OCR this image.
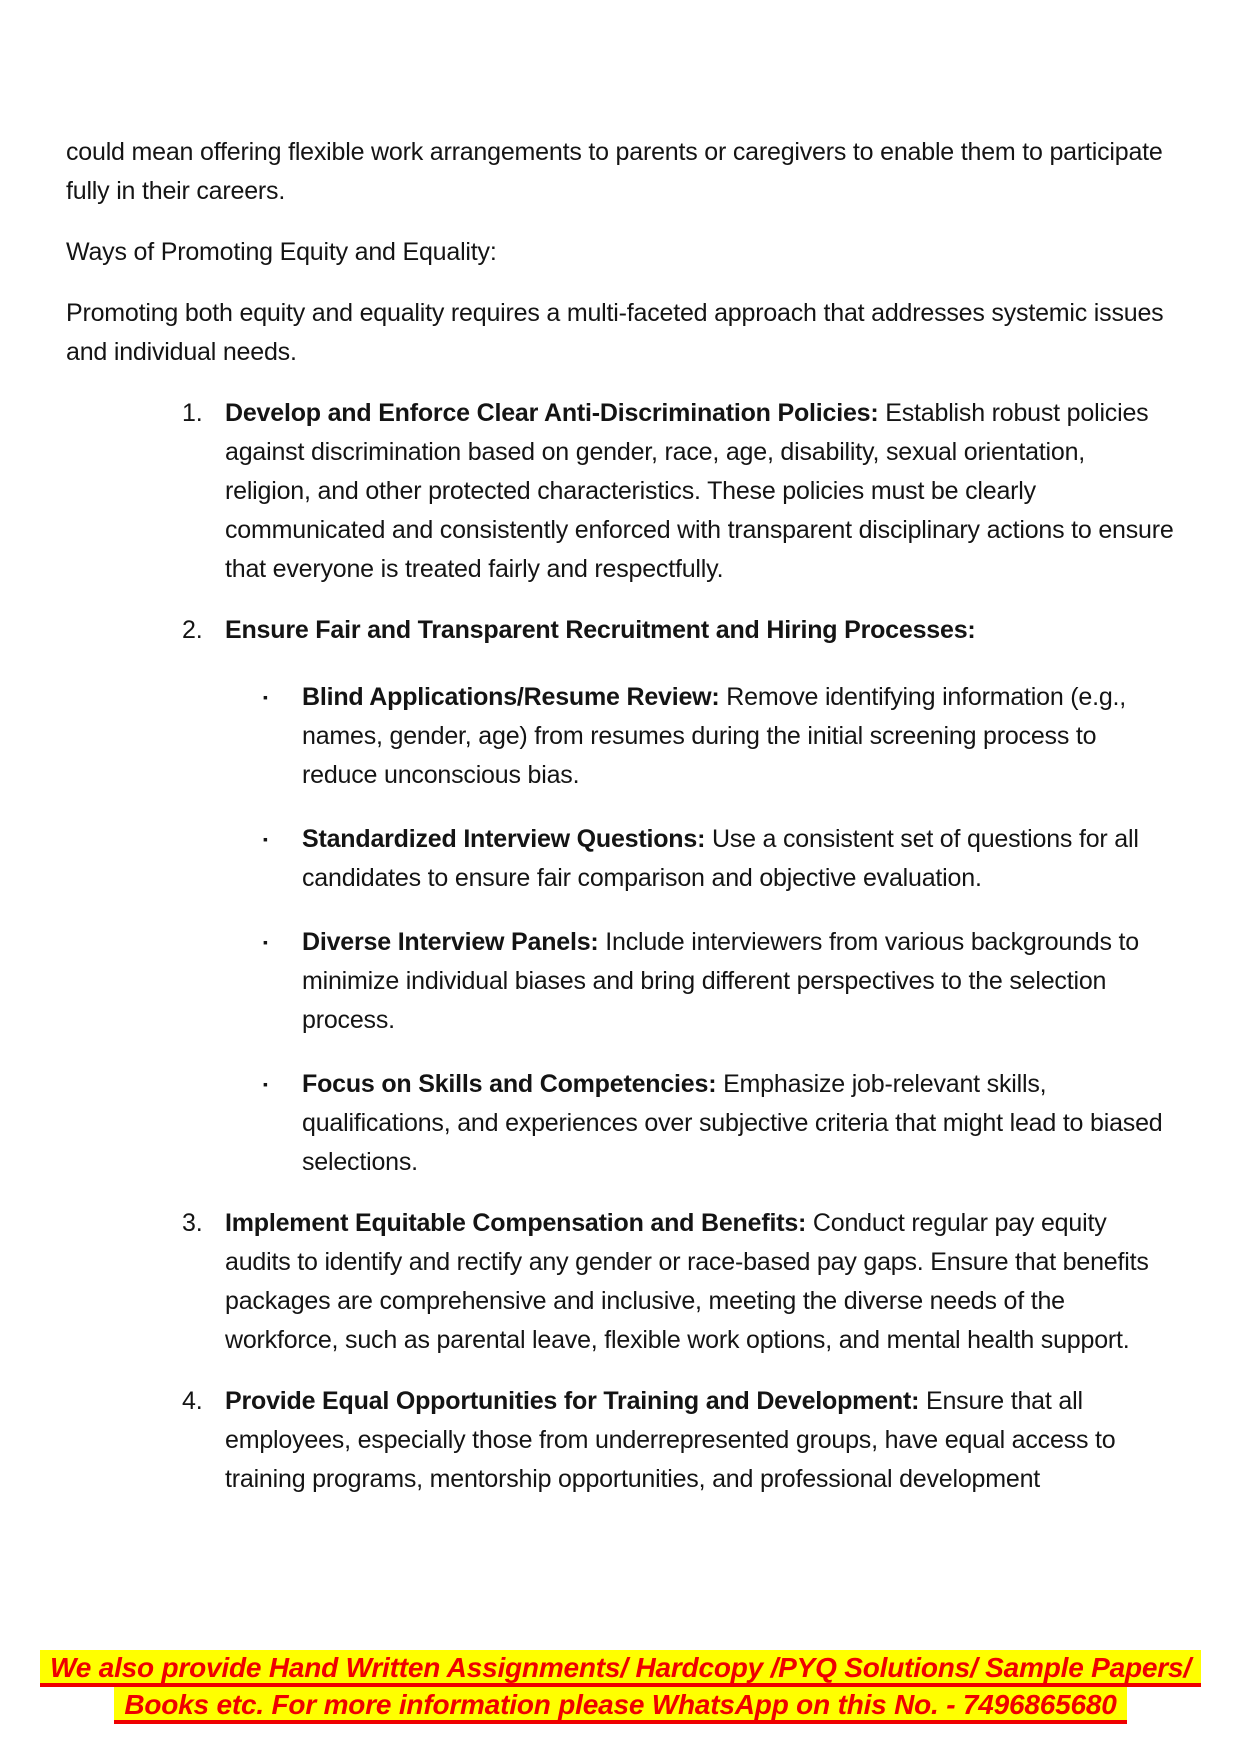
could mean offering flexible work arrangements to parents or caregivers to enable them to participate fully in their careers.

Ways of Promoting Equity and Equality:

Promoting both equity and equality requires a multi-faceted approach that addresses systemic issues and individual needs.

1. Develop and Enforce Clear Anti-Discrimination Policies: Establish robust policies against discrimination based on gender, race, age, disability, sexual orientation, religion, and other protected characteristics. These policies must be clearly communicated and consistently enforced with transparent disciplinary actions to ensure that everyone is treated fairly and respectfully.
2. Ensure Fair and Transparent Recruitment and Hiring Processes:
▪	Blind Applications/Resume Review: Remove identifying information (e.g., names, gender, age) from resumes during the initial screening process to reduce unconscious bias.
▪	Standardized Interview Questions: Use a consistent set of questions for all candidates to ensure fair comparison and objective evaluation.
▪	Diverse Interview Panels: Include interviewers from various backgrounds to minimize individual biases and bring different perspectives to the selection process.
▪	Focus on Skills and Competencies: Emphasize job-relevant skills, qualifications, and experiences over subjective criteria that might lead to biased selections.
3. Implement Equitable Compensation and Benefits: Conduct regular pay equity audits to identify and rectify any gender or race-based pay gaps. Ensure that benefits packages are comprehensive and inclusive, meeting the diverse needs of the workforce, such as parental leave, flexible work options, and mental health support.
4. Provide Equal Opportunities for Training and Development: Ensure that all employees, especially those from underrepresented groups, have equal access to training programs, mentorship opportunities, and professional development
We also provide Hand Written Assignments/ Hardcopy /PYQ Solutions/ Sample Papers/
Books etc. For more information please WhatsApp on this No. - 7496865680
